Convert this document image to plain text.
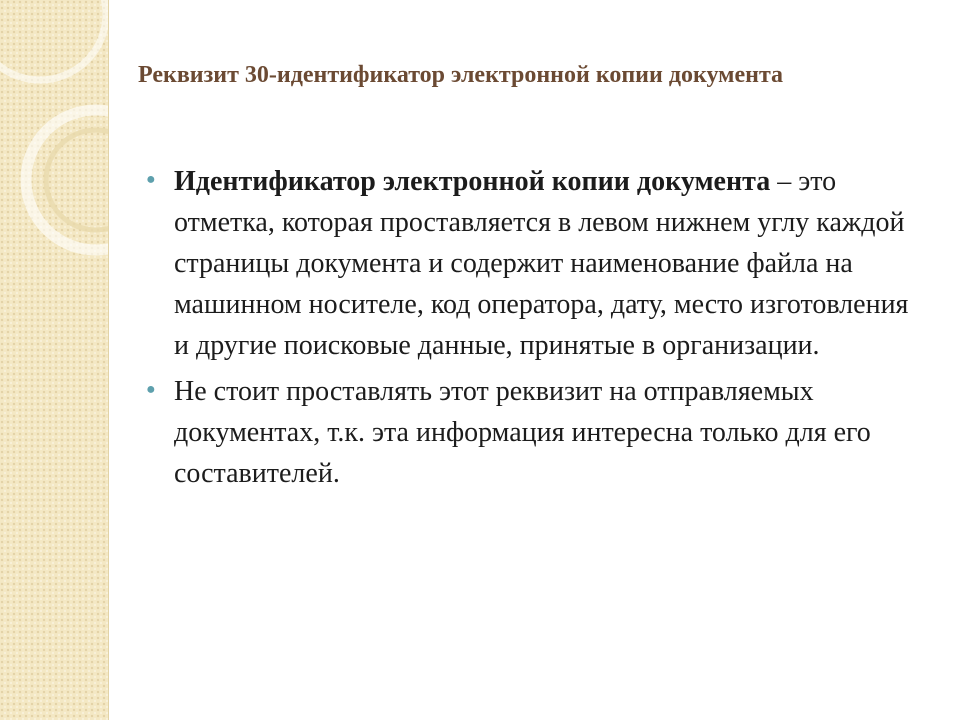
Реквизит 30-идентификатор электронной копии документа
● Идентификатор электронной копии документа – это отметка, которая проставляется в левом нижнем углу каждой страницы документа и содержит наименование файла на машинном носителе, код оператора, дату, место изготовления и другие поисковые данные, принятые в организации.
● Не стоит проставлять этот реквизит на отправляемых документах, т.к. эта информация интересна только для его составителей.
